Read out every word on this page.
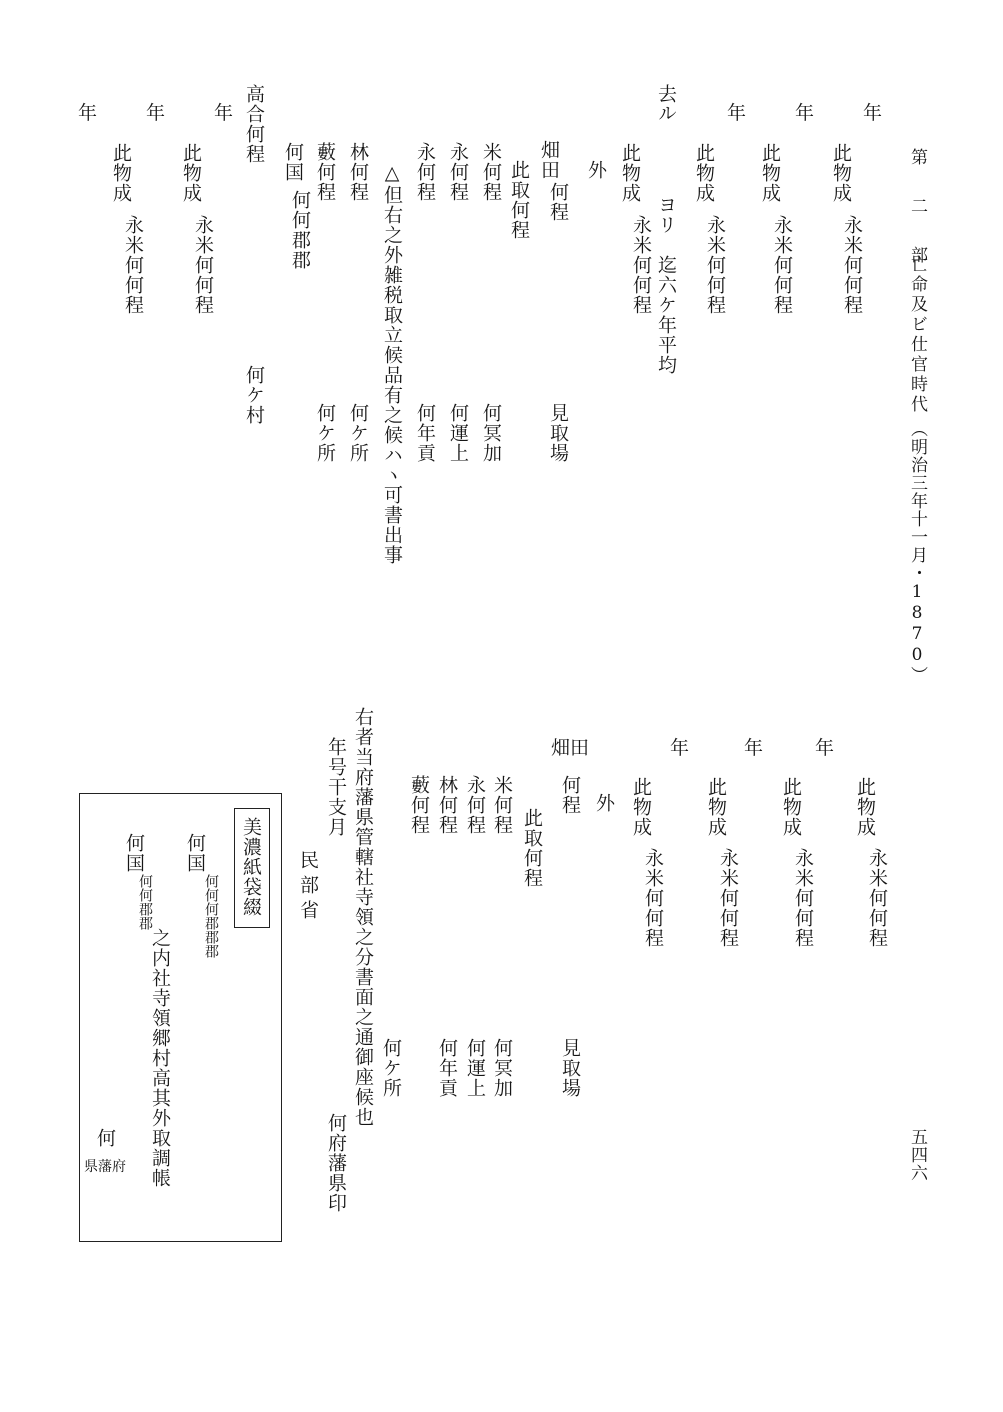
第 二 部
亡命及ビ仕官時代
（明治三年十一月・1870）
五四六
年
年
年
去ル
此物成
永米何何程
此物成
永米何何程
此物成
永米何何程
ヨリ　迄六ケ年平均
此物成
永米何何程
外
畑田
何程
見取場
此取何程
米何程
何冥加
永何程
何運上
永何程
何年貢
△但右之外雑税取立候品有之候ハヽ可書出事
林何程
何ケ所
藪何程
何ケ所
何国
何何郡郡
高合何程
何ケ村
年
年
年
此物成
永米何何程
此物成
永米何何程
年
年
年
畑田
此物成
永米何何程
此物成
永米何何程
此物成
永米何何程
此物成
永米何何程
外
何程
見取場
此取何程
米何程
何冥加
永何程
何運上
林何程
何年貢
藪何程
何ケ所
右者当府藩県管轄社寺領之分書面之通御座候也
年号干支月
何府藩県印
民部省
美濃紙袋綴
何国
何何何郡郡郡
何国
何何郡郡
之内社寺領郷村高其外取調帳
何
県藩府
